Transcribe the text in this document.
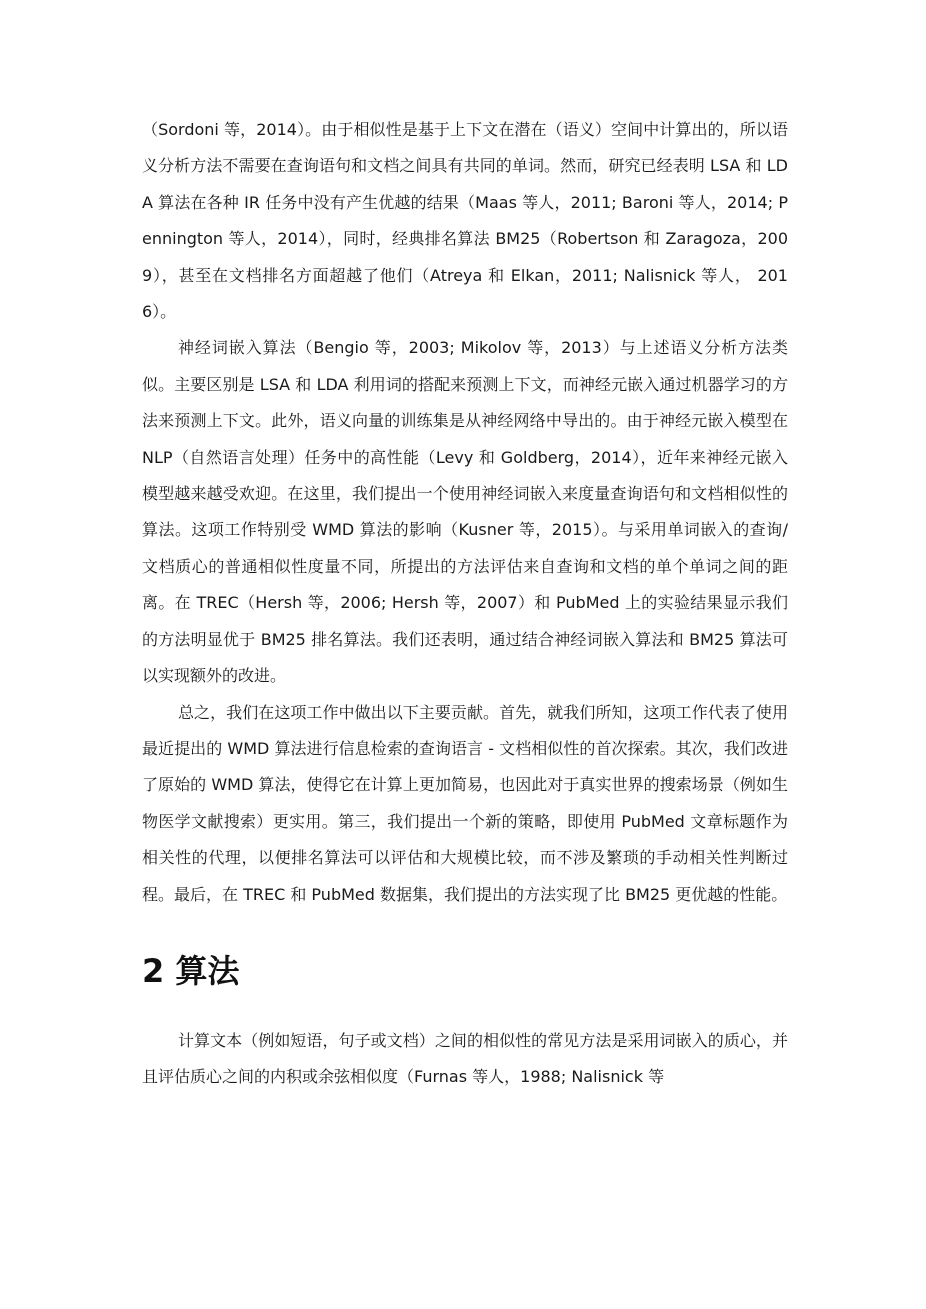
（Sordoni 等，2014）。由于相似性是基于上下文在潜在（语义）空间中计算出的，所以语义分析方法不需要在查询语句和文档之间具有共同的单词。然而，研究已经表明 LSA 和 LDA 算法在各种 IR 任务中没有产生优越的结果（Maas 等人，2011; Baroni 等人，2014; Pennington 等人，2014），同时，经典排名算法 BM25（Robertson 和 Zaragoza，2009），甚至在文档排名方面超越了他们（Atreya 和 Elkan，2011; Nalisnick 等人， 2016）。

神经词嵌入算法（Bengio 等，2003; Mikolov 等，2013）与上述语义分析方法类似。主要区别是 LSA 和 LDA 利用词的搭配来预测上下文，而神经元嵌入通过机器学习的方法来预测上下文。此外，语义向量的训练集是从神经网络中导出的。由于神经元嵌入模型在 NLP（自然语言处理）任务中的高性能（Levy 和 Goldberg，2014），近年来神经元嵌入模型越来越受欢迎。在这里，我们提出一个使用神经词嵌入来度量查询语句和文档相似性的算法。这项工作特别受 WMD 算法的影响（Kusner 等，2015）。与采用单词嵌入的查询/文档质心的普通相似性度量不同，所提出的方法评估来自查询和文档的单个单词之间的距离。在 TREC（Hersh 等，2006; Hersh 等，2007）和 PubMed 上的实验结果显示我们的方法明显优于 BM25 排名算法。我们还表明，通过结合神经词嵌入算法和 BM25 算法可以实现额外的改进。

总之，我们在这项工作中做出以下主要贡献。首先，就我们所知，这项工作代表了使用最近提出的 WMD 算法进行信息检索的查询语言 - 文档相似性的首次探索。其次，我们改进了原始的 WMD 算法，使得它在计算上更加简易，也因此对于真实世界的搜索场景（例如生物医学文献搜索）更实用。第三，我们提出一个新的策略，即使用 PubMed 文章标题作为相关性的代理，以便排名算法可以评估和大规模比较，而不涉及繁琐的手动相关性判断过程。最后，在 TREC 和 PubMed 数据集，我们提出的方法实现了比 BM25 更优越的性能。

2 算法

计算文本（例如短语，句子或文档）之间的相似性的常见方法是采用词嵌入的质心，并且评估质心之间的内积或余弦相似度（Furnas 等人，1988; Nalisnick 等
